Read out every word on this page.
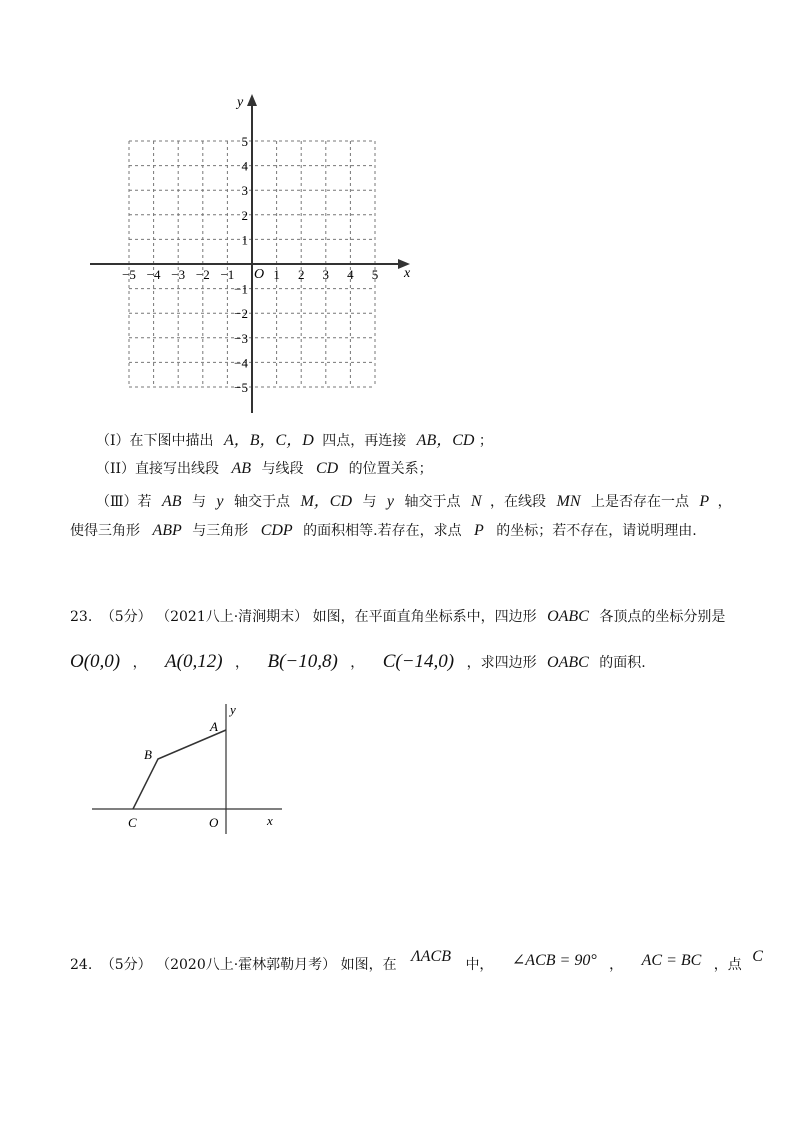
x
y
O
−5 −4 −3 −2 −1	1 2 3 4 5
5
4
3
2
1
−1
−2
−3
−4
−5
（Ⅰ）在下图中描出 A，B，C，D 四点，再连接 AB，CD ；
（II）直接写出线段 AB 与线段 CD 的位置关系；
（Ⅲ）若 AB 与 y 轴交于点 M，CD 与 y 轴交于点 N ，在线段 MN 上是否存在一点 P ，
使得三角形 ABP 与三角形 CDP 的面积相等.若存在，求点 P 的坐标；若不存在，请说明理由.
23. （5分） （2021八上·清涧期末） 如图，在平面直角坐标系中，四边形 OABC 各顶点的坐标分别是
O(0,0) ， A(0,12) ， B(−10,8) ， C(−14,0) ，求四边形 OABC 的面积.
A
B
C	O	x
y
24. （5分） （2020八上·霍林郭勒月考） 如图，在 ΛACB 中， ∠ACB = 90° ， AC = BC ，点 C
